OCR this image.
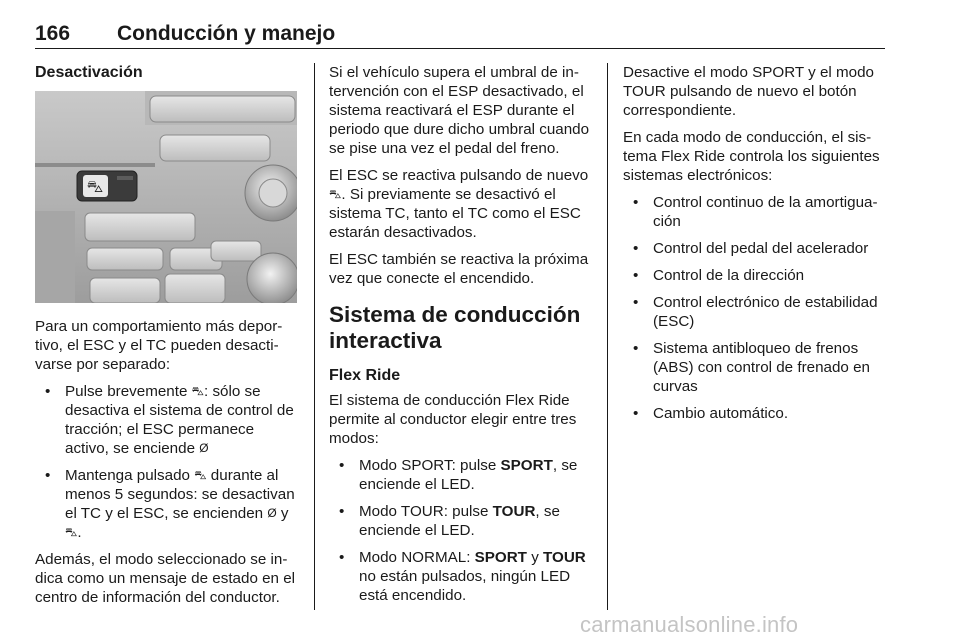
166 Conducción y manejo
Desactivación
⛍

Para un comportamiento más deportivo, el ESC y el TC pueden desactivarse por separado:

• Pulse brevemente ⛍: sólo se desactiva el sistema de control de tracción; el ESC permanece activo, se enciende Ø
• Mantenga pulsado ⛍ durante al menos 5 segundos: se desactivan el TC y el ESC, se encienden Ø y ⛍.

Además, el modo seleccionado se indica como un mensaje de estado en el centro de información del conductor.

Si el vehículo supera el umbral de intervención con el ESP desactivado, el sistema reactivará el ESP durante el periodo que dure dicho umbral cuando se pise una vez el pedal del freno.

El ESC se reactiva pulsando de nuevo ⛍. Si previamente se desactivó el sistema TC, tanto el TC como el ESC estarán desactivados.

El ESC también se reactiva la próxima vez que conecte el encendido.

Sistema de conducción interactiva
Flex Ride

El sistema de conducción Flex Ride permite al conductor elegir entre tres modos:

• Modo SPORT: pulse SPORT, se enciende el LED.
• Modo TOUR: pulse TOUR, se enciende el LED.
• Modo NORMAL: SPORT y TOUR no están pulsados, ningún LED está encendido.

Desactive el modo SPORT y el modo TOUR pulsando de nuevo el botón correspondiente.

En cada modo de conducción, el sistema Flex Ride controla los siguientes sistemas electrónicos:

• Control continuo de la amortiguación
• Control del pedal del acelerador
• Control de la dirección
• Control electrónico de estabilidad (ESC)
• Sistema antibloqueo de frenos (ABS) con control de frenado en curvas
• Cambio automático.
carmanualsonline.info
